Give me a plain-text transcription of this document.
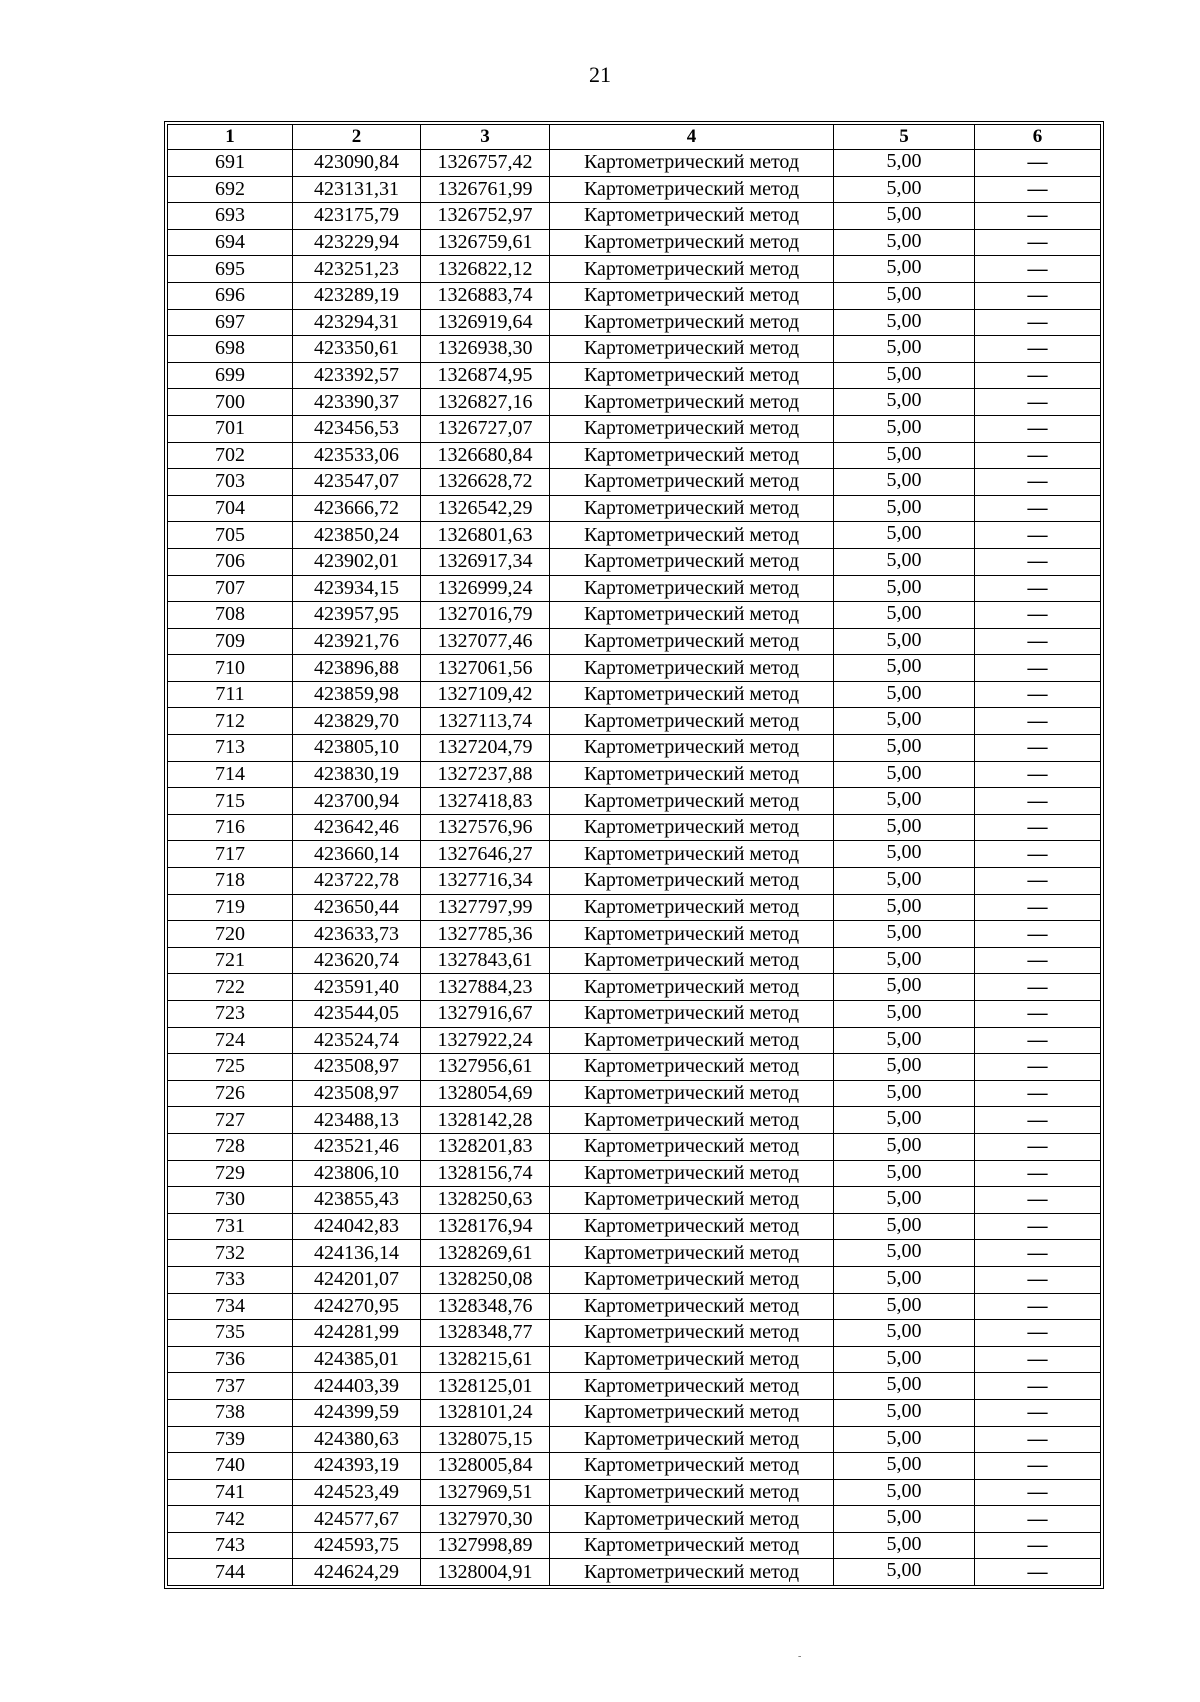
21
1	2	3	4	5	6
691	423090,84	1326757,42	Картометрический метод	5,00	—
692	423131,31	1326761,99	Картометрический метод	5,00	—
693	423175,79	1326752,97	Картометрический метод	5,00	—
694	423229,94	1326759,61	Картометрический метод	5,00	—
695	423251,23	1326822,12	Картометрический метод	5,00	—
696	423289,19	1326883,74	Картометрический метод	5,00	—
697	423294,31	1326919,64	Картометрический метод	5,00	—
698	423350,61	1326938,30	Картометрический метод	5,00	—
699	423392,57	1326874,95	Картометрический метод	5,00	—
700	423390,37	1326827,16	Картометрический метод	5,00	—
701	423456,53	1326727,07	Картометрический метод	5,00	—
702	423533,06	1326680,84	Картометрический метод	5,00	—
703	423547,07	1326628,72	Картометрический метод	5,00	—
704	423666,72	1326542,29	Картометрический метод	5,00	—
705	423850,24	1326801,63	Картометрический метод	5,00	—
706	423902,01	1326917,34	Картометрический метод	5,00	—
707	423934,15	1326999,24	Картометрический метод	5,00	—
708	423957,95	1327016,79	Картометрический метод	5,00	—
709	423921,76	1327077,46	Картометрический метод	5,00	—
710	423896,88	1327061,56	Картометрический метод	5,00	—
711	423859,98	1327109,42	Картометрический метод	5,00	—
712	423829,70	1327113,74	Картометрический метод	5,00	—
713	423805,10	1327204,79	Картометрический метод	5,00	—
714	423830,19	1327237,88	Картометрический метод	5,00	—
715	423700,94	1327418,83	Картометрический метод	5,00	—
716	423642,46	1327576,96	Картометрический метод	5,00	—
717	423660,14	1327646,27	Картометрический метод	5,00	—
718	423722,78	1327716,34	Картометрический метод	5,00	—
719	423650,44	1327797,99	Картометрический метод	5,00	—
720	423633,73	1327785,36	Картометрический метод	5,00	—
721	423620,74	1327843,61	Картометрический метод	5,00	—
722	423591,40	1327884,23	Картометрический метод	5,00	—
723	423544,05	1327916,67	Картометрический метод	5,00	—
724	423524,74	1327922,24	Картометрический метод	5,00	—
725	423508,97	1327956,61	Картометрический метод	5,00	—
726	423508,97	1328054,69	Картометрический метод	5,00	—
727	423488,13	1328142,28	Картометрический метод	5,00	—
728	423521,46	1328201,83	Картометрический метод	5,00	—
729	423806,10	1328156,74	Картометрический метод	5,00	—
730	423855,43	1328250,63	Картометрический метод	5,00	—
731	424042,83	1328176,94	Картометрический метод	5,00	—
732	424136,14	1328269,61	Картометрический метод	5,00	—
733	424201,07	1328250,08	Картометрический метод	5,00	—
734	424270,95	1328348,76	Картометрический метод	5,00	—
735	424281,99	1328348,77	Картометрический метод	5,00	—
736	424385,01	1328215,61	Картометрический метод	5,00	—
737	424403,39	1328125,01	Картометрический метод	5,00	—
738	424399,59	1328101,24	Картометрический метод	5,00	—
739	424380,63	1328075,15	Картометрический метод	5,00	—
740	424393,19	1328005,84	Картометрический метод	5,00	—
741	424523,49	1327969,51	Картометрический метод	5,00	—
742	424577,67	1327970,30	Картометрический метод	5,00	—
743	424593,75	1327998,89	Картометрический метод	5,00	—
744	424624,29	1328004,91	Картометрический метод	5,00	—
-
